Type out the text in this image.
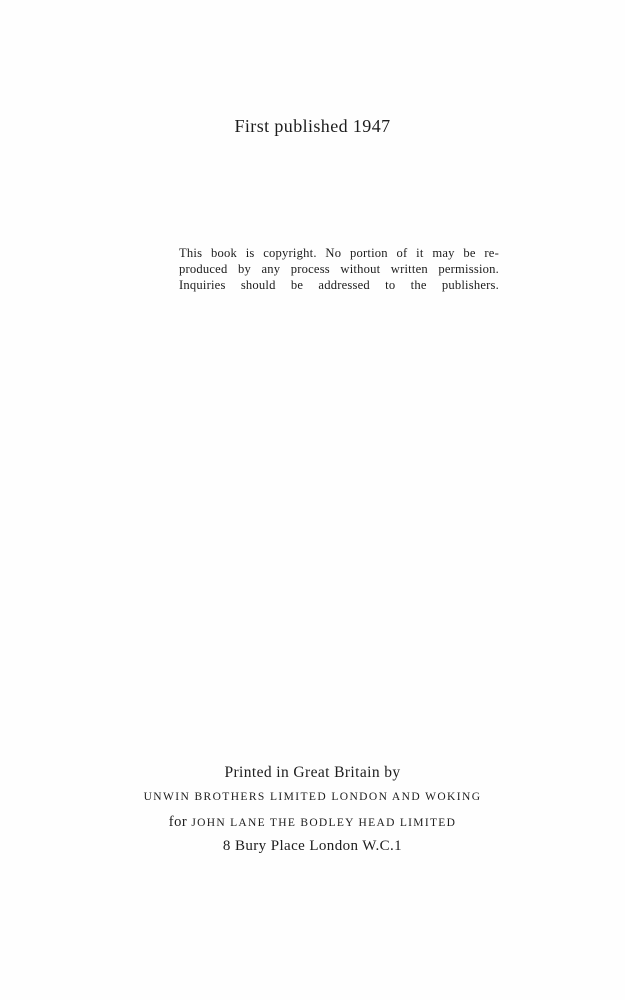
First published 1947
This book is copyright. No portion of it may be re-
produced by any process without written permission.
Inquiries should be addressed to the publishers.
Printed in Great Britain by
UNWIN BROTHERS LIMITED LONDON AND WOKING
for JOHN LANE THE BODLEY HEAD LIMITED
8 Bury Place London W.C.1
